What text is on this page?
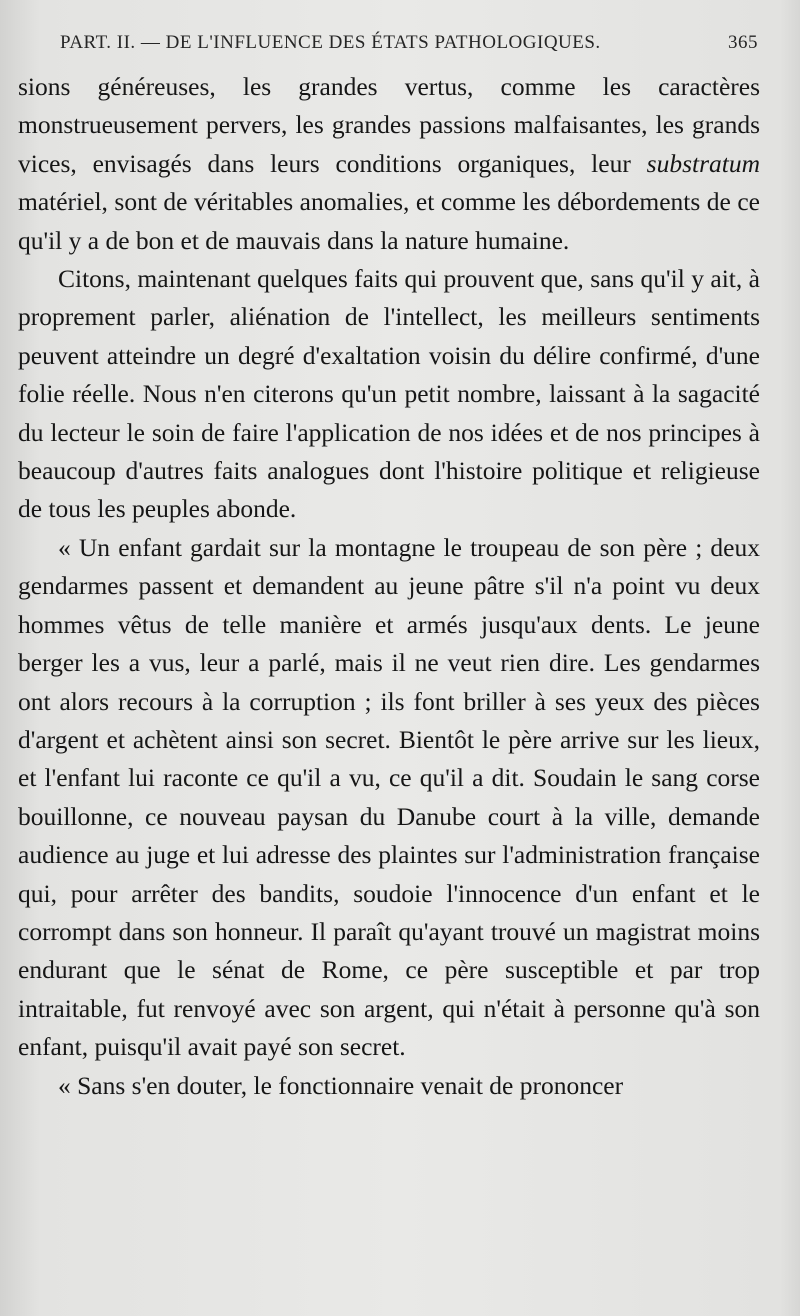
PART. II. — DE L'INFLUENCE DES ÉTATS PATHOLOGIQUES.	365

sions généreuses, les grandes vertus, comme les caractères monstrueusement pervers, les grandes passions malfaisantes, les grands vices, envisagés dans leurs conditions organiques, leur substratum matériel, sont de véritables anomalies, et comme les débordements de ce qu'il y a de bon et de mauvais dans la nature humaine.

Citons, maintenant quelques faits qui prouvent que, sans qu'il y ait, à proprement parler, aliénation de l'intellect, les meilleurs sentiments peuvent atteindre un degré d'exaltation voisin du délire confirmé, d'une folie réelle. Nous n'en citerons qu'un petit nombre, laissant à la sagacité du lecteur le soin de faire l'application de nos idées et de nos principes à beaucoup d'autres faits analogues dont l'histoire politique et religieuse de tous les peuples abonde.

« Un enfant gardait sur la montagne le troupeau de son père ; deux gendarmes passent et demandent au jeune pâtre s'il n'a point vu deux hommes vêtus de telle manière et armés jusqu'aux dents. Le jeune berger les a vus, leur a parlé, mais il ne veut rien dire. Les gendarmes ont alors recours à la corruption ; ils font briller à ses yeux des pièces d'argent et achètent ainsi son secret. Bientôt le père arrive sur les lieux, et l'enfant lui raconte ce qu'il a vu, ce qu'il a dit. Soudain le sang corse bouillonne, ce nouveau paysan du Danube court à la ville, demande audience au juge et lui adresse des plaintes sur l'administration française qui, pour arrêter des bandits, soudoie l'innocence d'un enfant et le corrompt dans son honneur. Il paraît qu'ayant trouvé un magistrat moins endurant que le sénat de Rome, ce père susceptible et par trop intraitable, fut renvoyé avec son argent, qui n'était à personne qu'à son enfant, puisqu'il avait payé son secret.

« Sans s'en douter, le fonctionnaire venait de prononcer
